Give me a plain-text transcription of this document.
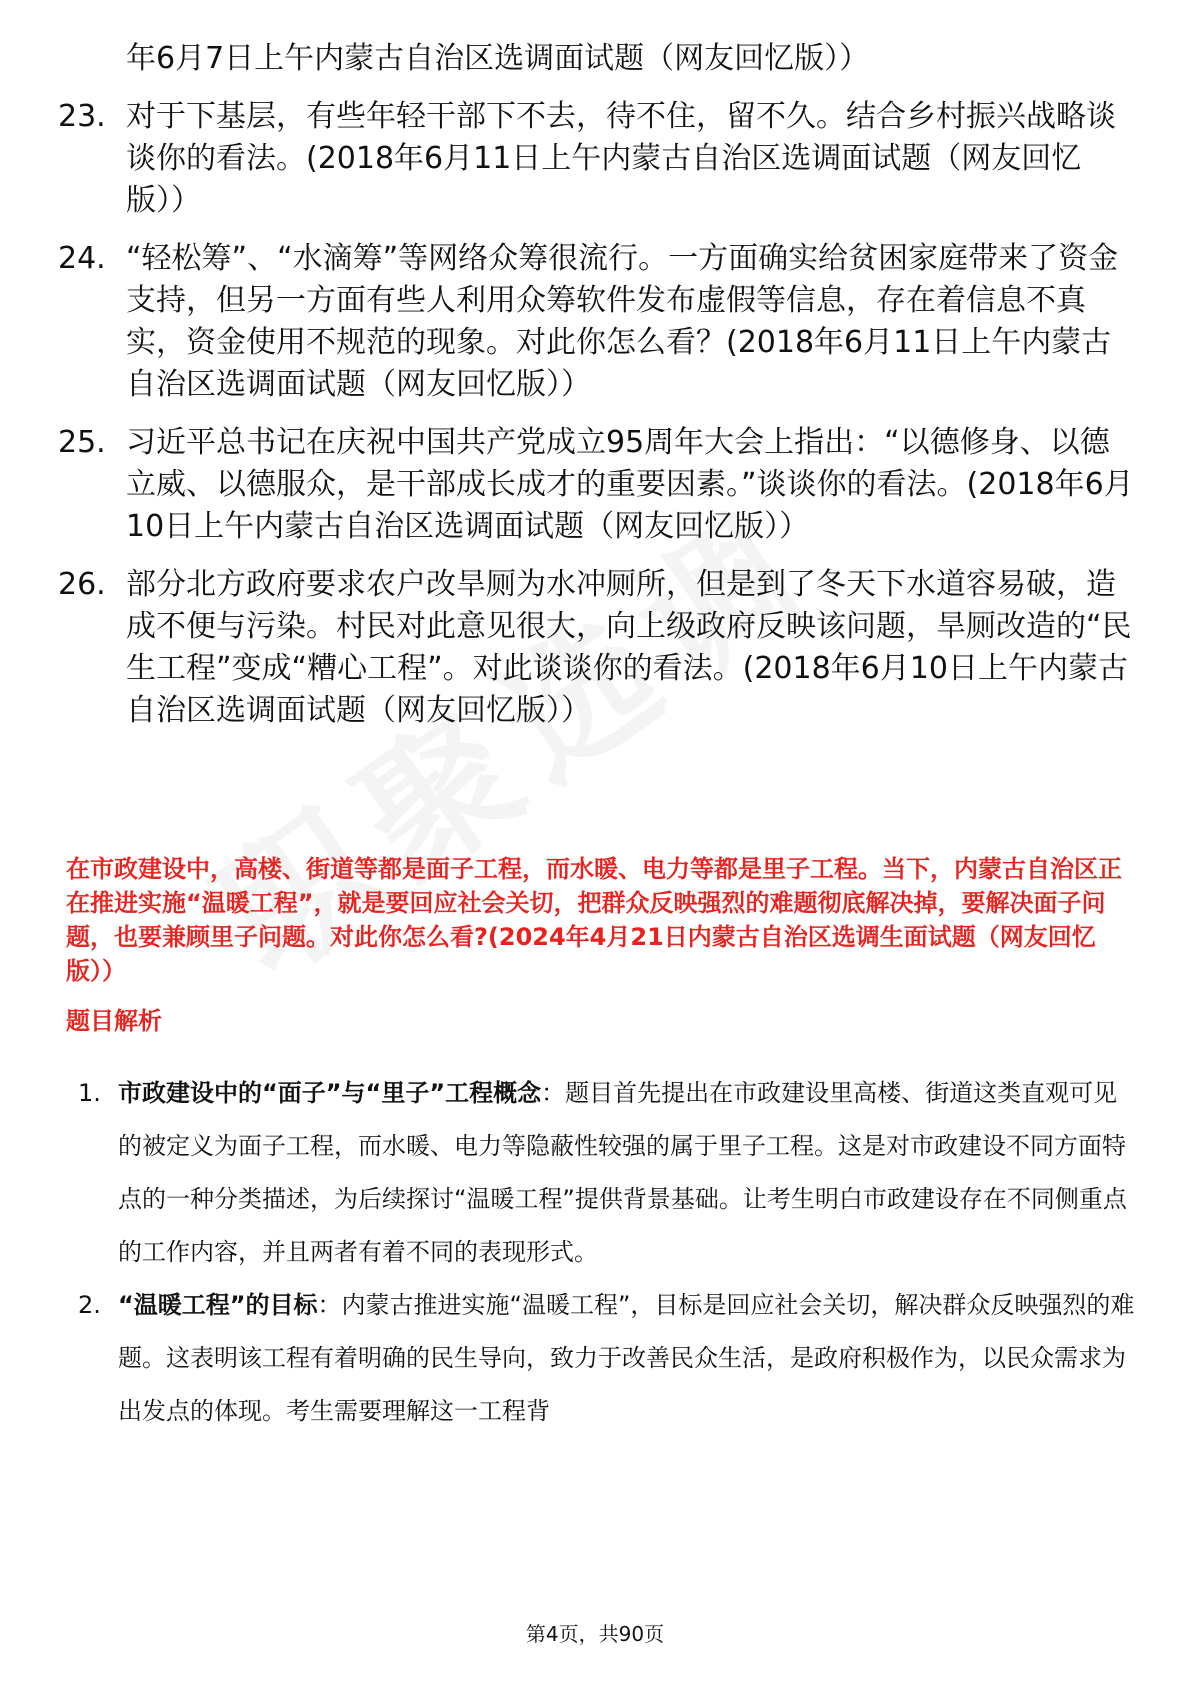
年6月7日上午内蒙古自治区选调面试题（网友回忆版））
23. 对于下基层，有些年轻干部下不去，待不住，留不久。结合乡村振兴战略谈谈你的看法。(2018年6月11日上午内蒙古自治区选调面试题（网友回忆版））
24. “轻松筹”、“水滴筹”等网络众筹很流行。一方面确实给贫困家庭带来了资金支持，但另一方面有些人利用众筹软件发布虚假等信息，存在着信息不真实，资金使用不规范的现象。对此你怎么看？(2018年6月11日上午内蒙古自治区选调面试题（网友回忆版））
25. 习近平总书记在庆祝中国共产党成立95周年大会上指出：“以德修身、以德立威、以德服众，是干部成长成才的重要因素。”谈谈你的看法。(2018年6月10日上午内蒙古自治区选调面试题（网友回忆版））
26. 部分北方政府要求农户改旱厕为水冲厕所，但是到了冬天下水道容易破，造成不便与污染。村民对此意见很大，向上级政府反映该问题，旱厕改造的“民生工程”变成“糟心工程”。对此谈谈你的看法。(2018年6月10日上午内蒙古自治区选调面试题（网友回忆版））
在市政建设中，高楼、街道等都是面子工程，而水暖、电力等都是里子工程。当下，内蒙古自治区正在推进实施“温暖工程”，就是要回应社会关切，把群众反映强烈的难题彻底解决掉，要解决面子问题，也要兼顾里子问题。对此你怎么看?(2024年4月21日内蒙古自治区选调生面试题（网友回忆版））
题目解析
1. 市政建设中的“面子”与“里子”工程概念：题目首先提出在市政建设里高楼、街道这类直观可见的被定义为面子工程，而水暖、电力等隐蔽性较强的属于里子工程。这是对市政建设不同方面特点的一种分类描述，为后续探讨“温暖工程”提供背景基础。让考生明白市政建设存在不同侧重点的工作内容，并且两者有着不同的表现形式。
2. “温暖工程”的目标：内蒙古推进实施“温暖工程”，目标是回应社会关切，解决群众反映强烈的难题。这表明该工程有着明确的民生导向，致力于改善民众生活，是政府积极作为，以民众需求为出发点的体现。考生需要理解这一工程背
第4页，共90页
